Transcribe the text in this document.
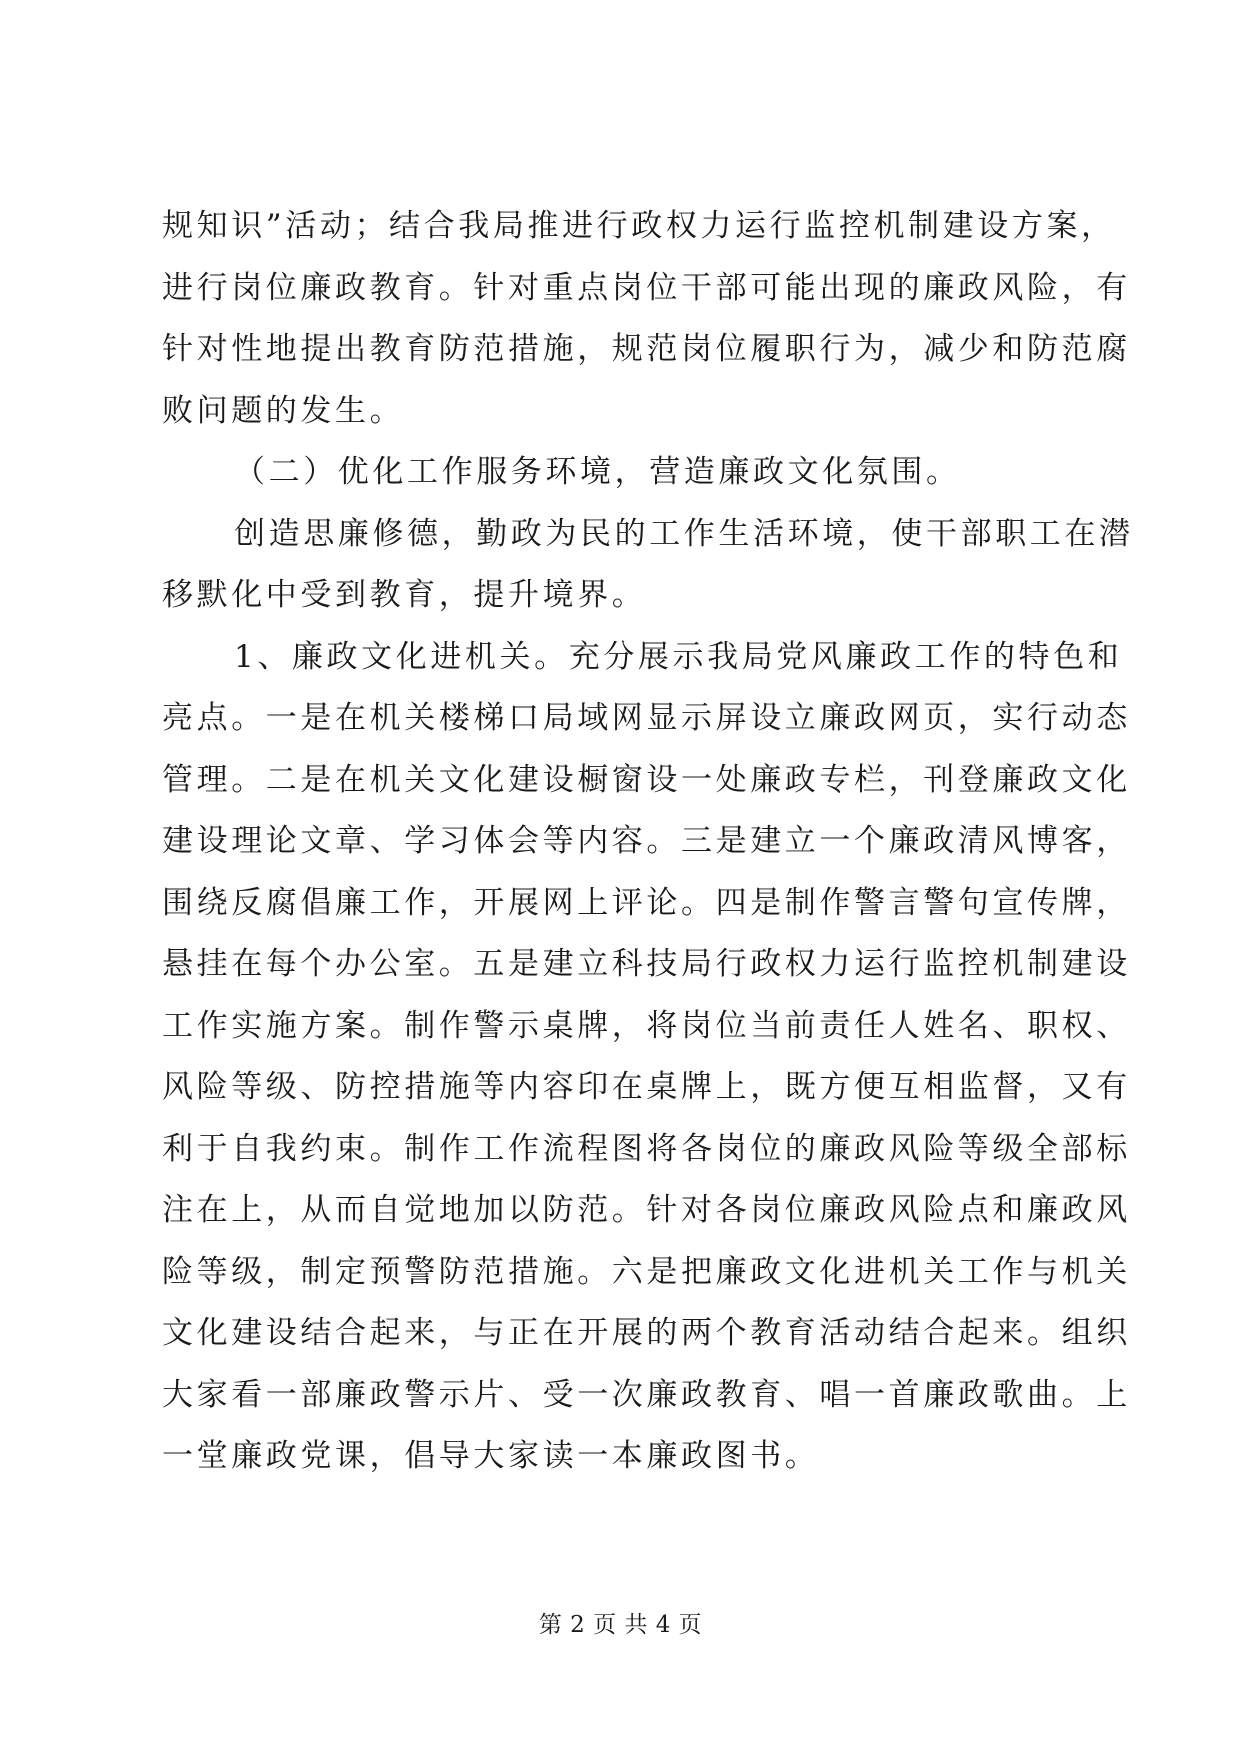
规知识”活动；结合我局推进行政权力运行监控机制建设方案，
进行岗位廉政教育。针对重点岗位干部可能出现的廉政风险，有
针对性地提出教育防范措施，规范岗位履职行为，减少和防范腐
败问题的发生。
（二）优化工作服务环境，营造廉政文化氛围。
创造思廉修德，勤政为民的工作生活环境，使干部职工在潜
移默化中受到教育，提升境界。
1、廉政文化进机关。充分展示我局党风廉政工作的特色和
亮点。一是在机关楼梯口局域网显示屏设立廉政网页，实行动态
管理。二是在机关文化建设橱窗设一处廉政专栏，刊登廉政文化
建设理论文章、学习体会等内容。三是建立一个廉政清风博客，
围绕反腐倡廉工作，开展网上评论。四是制作警言警句宣传牌，
悬挂在每个办公室。五是建立科技局行政权力运行监控机制建设
工作实施方案。制作警示桌牌，将岗位当前责任人姓名、职权、
风险等级、防控措施等内容印在桌牌上，既方便互相监督，又有
利于自我约束。制作工作流程图将各岗位的廉政风险等级全部标
注在上，从而自觉地加以防范。针对各岗位廉政风险点和廉政风
险等级，制定预警防范措施。六是把廉政文化进机关工作与机关
文化建设结合起来，与正在开展的两个教育活动结合起来。组织
大家看一部廉政警示片、受一次廉政教育、唱一首廉政歌曲。上
一堂廉政党课，倡导大家读一本廉政图书。
第 2 页 共 4 页
